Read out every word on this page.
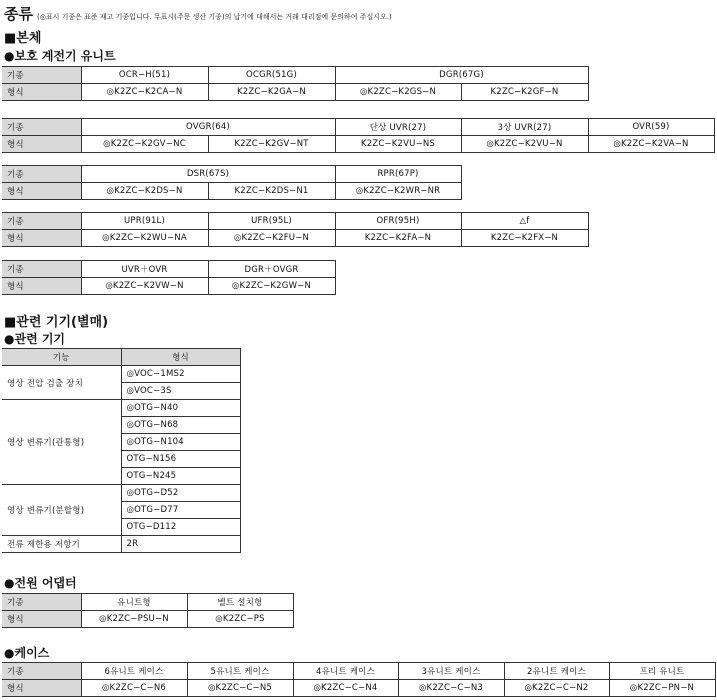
종류 (◎표시 기종은 표준 재고 기종입니다. 무표시(주문 생산 기종)의 납기에 대해서는 거래 대리점에 문의하여 주십시오.)
■본체
●보호 계전기 유니트
기종	OCR−H(51)	OCGR(51G)	DGR(67G)	
형식	◎K2ZC−K2CA−N	K2ZC−K2GA−N	◎K2ZC−K2GS−N	K2ZC−K2GF−N
기종	OVGR(64)		단상 UVR(27)	3상 UVR(27)	OVR(59)
형식	◎K2ZC−K2GV−NC	K2ZC−K2GV−NT	K2ZC−K2VU−NS	◎K2ZC−K2VU−N	◎K2ZC−K2VA−N
기종	DSR(67S)		RPR(67P)
형식	◎K2ZC−K2DS−N	K2ZC−K2DS−N1	◎K2ZC−K2WR−NR
기종	UPR(91L)	UFR(95L)	OFR(95H)	△f
형식	◎K2ZC−K2WU−NA	◎K2ZC−K2FU−N	K2ZC−K2FA−N	K2ZC−K2FX−N
기종	UVR＋OVR	DGR＋OVGR
형식	◎K2ZC−K2VW−N	◎K2ZC−K2GW−N
■관련 기기(별매)
●관련 기기
기능	형식
영상 전압 검출 장치	◎VOC−1MS2
	◎VOC−3S
영상 변류기(관통형)	◎OTG−N40
	◎OTG−N68
	◎OTG−N104
	OTG−N156
	OTG−N245
영상 변류기(분할형)	◎OTG−D52
	◎OTG−D77
	OTG−D112
전류 제한용 저항기	2R
●전원 어댑터
기종	유니트형	벨트 설치형
형식	◎K2ZC−PSU−N	◎K2ZC−PS
●케이스
기종	6유니트 케이스	5유니트 케이스	4유니트 케이스	3유니트 케이스	2유니트 케이스	프리 유니트
형식	◎K2ZC−C−N6	◎K2ZC−C−N5	◎K2ZC−C−N4	◎K2ZC−C−N3	◎K2ZC−C−N2	◎K2ZC−PN−N
